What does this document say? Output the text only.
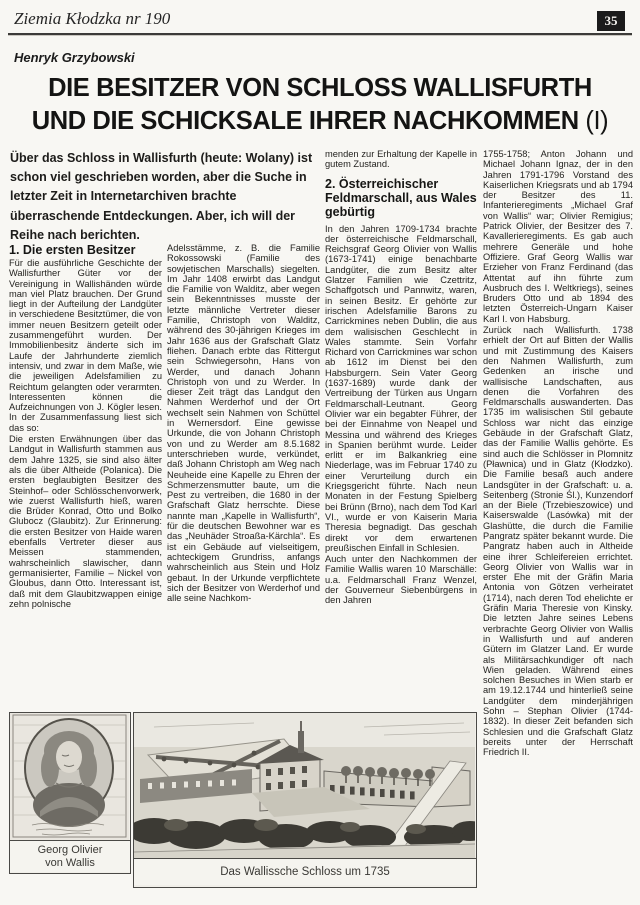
Ziemia Kłodzka nr 190	35
Henryk Grzybowski
DIE BESITZER VON SCHLOSS WALLISFURTH
UND DIE SCHICKSALE IHRER NACHKOMMEN (I)
Über das Schloss in Wallisfurth (heute: Wolany) ist schon viel geschrieben worden, aber die Suche in letzter Zeit in Internetarchiven brachte überraschende Entdeckungen. Aber, ich will der Reihe nach berichten.

1. Die ersten Besitzer

Für die ausführliche Geschichte der Wallisfurther Güter vor der Vereinigung in Wallishänden würde man viel Platz brauchen. Der Grund liegt in der Aufteilung der Landgüter in verschiedene Besitztümer, die von immer neuen Besitzern geteilt oder zusammengeführt wurden. Der Immobilienbesitz änderte sich im Laufe der Jahrhunderte ziemlich intensiv, und zwar in dem Maße, wie die jeweiligen Adelsfamilien zu Reichtum gelangten oder verarmten. Interessenten können die Aufzeichnungen von J. Kögler lesen. In der Zusammenfassung liest sich das so:

Die ersten Erwähnungen über das Landgut in Wallisfurth stammen aus dem Jahre 1325, sie sind also älter als die über Altheide (Polanica). Die ersten beglaubigten Besitzer des Steinhof– oder Schlösschenvorwerk, wie zuerst Wallisfurth hieß, waren die Brüder Konrad, Otto und Bolko Glubocz (Glaubitz). Zur Erinnerung: die ersten Besitzer von Haide waren ebenfalls Vertreter dieser aus Meissen stammenden, wahrscheinlich slawischer, dann germanisierter, Familie – Nickel von Gloubus, dann Otto. Interessant ist, daß mit dem Glaubitzwappen einige zehn polnische

Adelsstämme, z. B. die Familie Rokossowski (Familie des sowjetischen Marschalls) siegelten. Im Jahr 1408 erwirbt das Landgut die Familie von Walditz, aber wegen sein Bekenntnisses musste der letzte männliche Vertreter dieser Familie, Christoph von Walditz, während des 30-jährigen Krieges im Jahr 1636 aus der Grafschaft Glatz fliehen. Danach erbte das Rittergut sein Schwiegersohn, Hans von Werder, und danach Johann Christoph von und zu Werder. In dieser Zeit trägt das Landgut den Nahmen Werderhof und der Ort wechselt sein Nahmen von Schüttel in Wernersdorf. Eine gewisse Urkunde, die von Johann Christoph von und zu Werder am 8.5.1682 unterschrieben wurde, verkündet, daß Johann Christoph am Weg nach Neuheide eine Kapelle zu Ehren der Schmerzensmutter baute, um die Pest zu vertreiben, die 1680 in der Grafschaft Glatz herrschte. Diese nannte man „Kapelle in Wallisfurth“, für die deutschen Bewohner war es das „Neuhäder Stroaßa-Kärchla“. Es ist ein Gebäude auf vielseitigem, achteckigem Grundriss, anfangs wahrscheinlich aus Stein und Holz gebaut. In der Urkunde verpflichtete sich der Besitzer von Werderhof und alle seine Nachkom-

menden zur Erhaltung der Kapelle in gutem Zustand.

2. Österreichischer Feldmarschall, aus Wales gebürtig

In den Jahren 1709-1734 brachte der österreichische Feldmarschall, Reichsgraf Georg Olivier von Wallis (1673-1741) einige benachbarte Landgüter, die zum Besitz alter Glatzer Familien wie Czettritz, Schaffgotsch und Pannwitz, waren, in seinen Besitz. Er gehörte zur irischen Adelsfamilie Barons zu Carrickmines neben Dublin, die aus dem walisischen Geschlecht in Wales stammte. Sein Vorfahr Richard von Carrickmines war schon ab 1612 im Dienst bei den Habsburgern. Sein Vater Georg (1637-1689) wurde dank der Vertreibung der Türken aus Ungarn Feldmarschall-Leutnant. Georg Olivier war ein begabter Führer, der bei der Einnahme von Neapel und Messina und während des Krieges in Spanien berühmt wurde. Leider erlitt er im Balkankrieg eine Niederlage, was im Februar 1740 zu einer Verurteilung durch ein Kriegsgericht führte. Nach neun Monaten in der Festung Spielberg bei Brünn (Brno), nach dem Tod Karl VI., wurde er von Kaiserin Maria Theresia begnadigt. Das geschah direkt vor dem erwartenen preußischen Einfall in Schlesien.

Auch unter den Nachkommen der Familie Wallis waren 10 Marschälle: u.a. Feldmarschall Franz Wenzel, der Gouverneur Siebenbürgens in den Jahren

1755-1758; Anton Johann und Michael Johann Ignaz, der in den Jahren 1791-1796 Vorstand des Kaiserlichen Kriegsrats und ab 1794 der Besitzer des 11. Infanterieregiments „Michael Graf von Wallis“ war; Olivier Remigius; Patrick Olivier, der Besitzer des 7. Kavallerieregiments. Es gab auch mehrere Generäle und hohe Offiziere. Graf Georg Wallis war Erzieher von Franz Ferdinand (das Attentat auf ihn führte zum Ausbruch des I. Weltkriegs), seines Bruders Otto und ab 1894 des letzten Österreich-Ungarn Kaiser Karl I. von Habsburg.

Zurück nach Wallisfurth. 1738 erhielt der Ort auf Bitten der Wallis und mit Zustimmung des Kaisers den Nahmen Wallisfurth, zum Gedenken an irische und wallisische Landschaften, aus denen die Vorfahren des Feldmarschalls auswanderten. Das 1735 im walisischen Stil gebaute Schloss war nicht das einzige Gebäude in der Grafschaft Glatz, das der Familie Wallis gehörte. Es sind auch die Schlösser in Plomnitz (Pławnica) und in Glatz (Kłodzko). Die Familie besaß auch andere Landsgüter in der Grafschaft: u. a. Seitenberg (Stronie Śl.), Kunzendorf an der Biele (Trzebieszowice) und Kaiserswalde (Lasówka) mit der Glashütte, die durch die Familie Pangratz später bekannt wurde. Die Pangratz haben auch in Altheide eine ihrer Schleifereien errichtet. Georg Olivier von Wallis war in erster Ehe mit der Gräfin Maria Antonia von Götzen verheiratet (1714), nach deren Tod ehelichte er Gräfin Maria Theresie von Kinsky. Die letzten Jahre seines Lebens verbrachte Georg Olivier von Wallis in Wallisfurth und auf anderen Gütern im Glatzer Land. Er wurde als Militärsachkundiger oft nach Wien geladen. Während eines solchen Besuches in Wien starb er am 19.12.1744 und hinterließ seine Landgüter dem minderjährigen Sohn – Stephan Olivier (1744-1832). In dieser Zeit befanden sich Schlesien und die Grafschaft Glatz bereits unter der Herrschaft Friedrich II.

Georg Olivier
von Wallis
Das Wallissche Schloss um 1735
